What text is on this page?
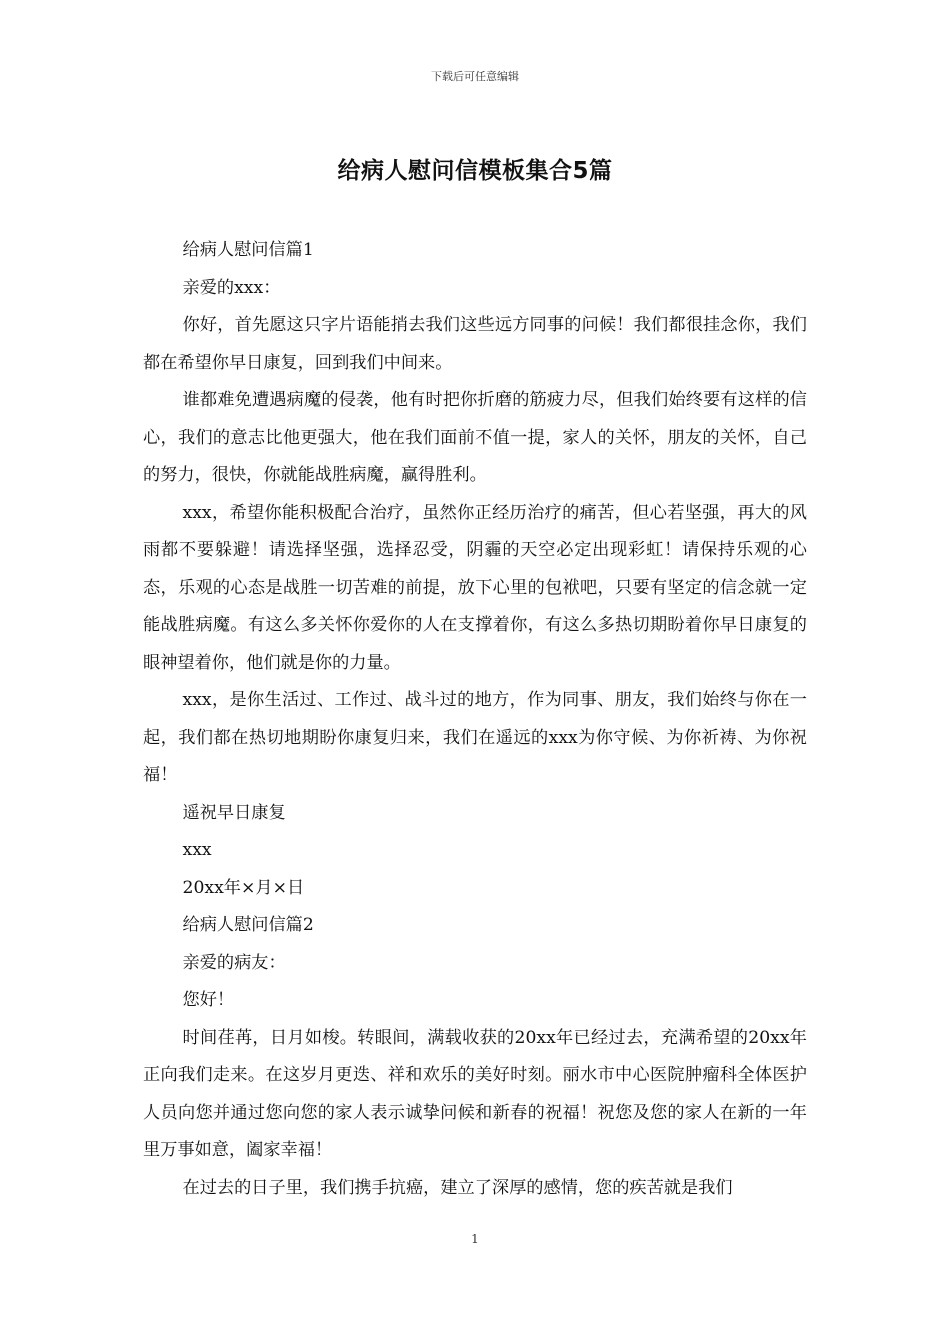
下载后可任意编辑
给病人慰问信模板集合5篇

给病人慰问信篇1

亲爱的xxx：

你好，首先愿这只字片语能捎去我们这些远方同事的问候！我们都很挂念你，我们都在希望你早日康复，回到我们中间来。

谁都难免遭遇病魔的侵袭，他有时把你折磨的筋疲力尽，但我们始终要有这样的信心，我们的意志比他更强大，他在我们面前不值一提，家人的关怀，朋友的关怀，自己的努力，很快，你就能战胜病魔，赢得胜利。

xxx，希望你能积极配合治疗，虽然你正经历治疗的痛苦，但心若坚强，再大的风雨都不要躲避！请选择坚强，选择忍受，阴霾的天空必定出现彩虹！请保持乐观的心态，乐观的心态是战胜一切苦难的前提，放下心里的包袱吧，只要有坚定的信念就一定能战胜病魔。有这么多关怀你爱你的人在支撑着你，有这么多热切期盼着你早日康复的眼神望着你，他们就是你的力量。

xxx，是你生活过、工作过、战斗过的地方，作为同事、朋友，我们始终与你在一起，我们都在热切地期盼你康复归来，我们在遥远的xxx为你守候、为你祈祷、为你祝福！

遥祝早日康复

xxx

20xx年×月×日

给病人慰问信篇2

亲爱的病友：

您好！

时间荏苒，日月如梭。转眼间，满载收获的20xx年已经过去，充满希望的20xx年正向我们走来。在这岁月更迭、祥和欢乐的美好时刻。丽水市中心医院肿瘤科全体医护人员向您并通过您向您的家人表示诚挚问候和新春的祝福！祝您及您的家人在新的一年里万事如意，阖家幸福！

在过去的日子里，我们携手抗癌，建立了深厚的感情，您的疾苦就是我们

1
